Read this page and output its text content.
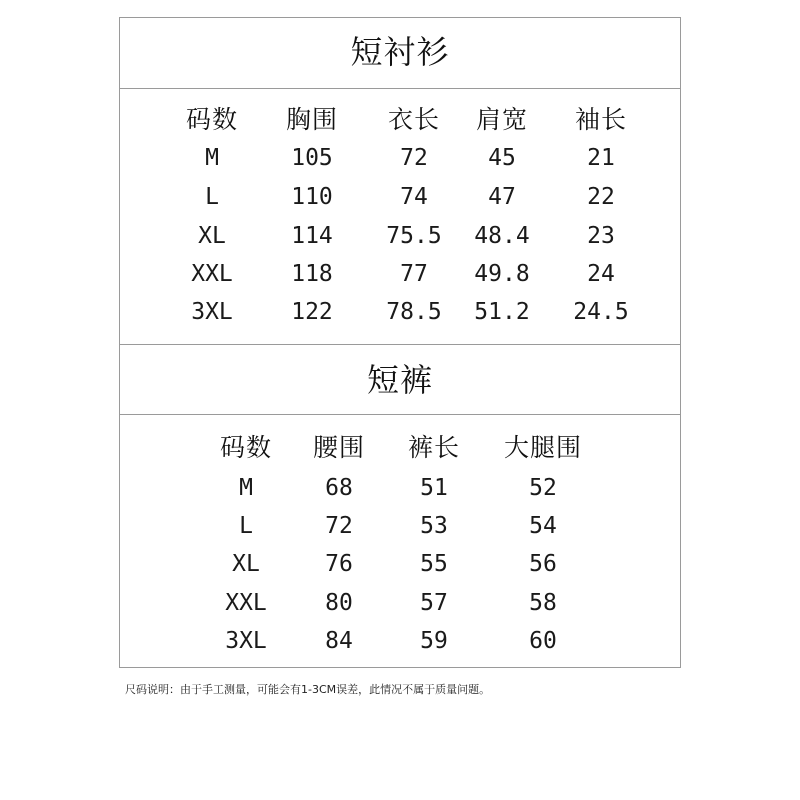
短衬衫
码数 胸围 衣长 肩宽 袖长
M	105	72	45	21
L	110	74	47	22
XL	114 75.5 48.4 23
XXL	118	77 49.8 24
3XL	122 78.5 51.2 24.5
短裤
码数 腰围 裤长 大腿围
M	68	51	52
L	72	53	54
XL	76	55	56
XXL	80	57	58
3XL	84	59	60
尺码说明：由于手工测量，可能会有1-3CM误差，此情况不属于质量问题。
